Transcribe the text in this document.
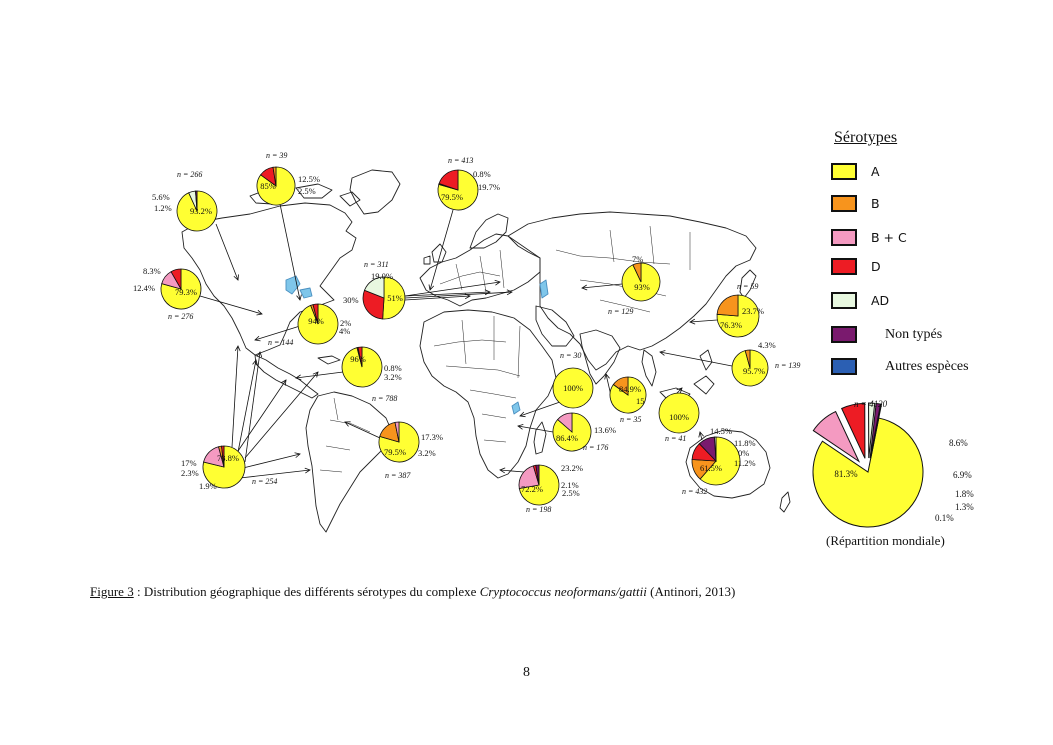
93.2%
5.6%
1.2%
n = 266
85%
12.5%
2.5%
n = 39
79.3%
12.4%
8.3%
n = 276	94% 2%
4%
n = 144
96%
0.8%
3.2%
n = 788
78.8%
17%
2.3%
1.9%	n = 254
79.5%
17.3%
3.2%
n = 387
79.5%
0.8%
19.7%
n = 413
51%
30%
19.0%
n = 311
93%
7%
n = 129
76.3%
23.7%
n = 59
95.7%
4.3%
n = 139
100%
n = 30
84.9%
15
n = 35
86.4%
13.6%
n = 176
72.2%
23.2%
2.1%
2.5%
n = 198
100%
n = 41
61.5%
14.5%
11.8%
11.2%
0%
n = 432
81.3%
8.6%
6.9%
1.8%
1.3%
0.1%
n = 4120
Sérotypes
A
B
B + C
D
AD
Non typés
Autres espèces
(Répartition mondiale)
Figure 3 : Distribution géographique des différents sérotypes du complexe Cryptococcus neoformans/gattii (Antinori, 2013)
8
